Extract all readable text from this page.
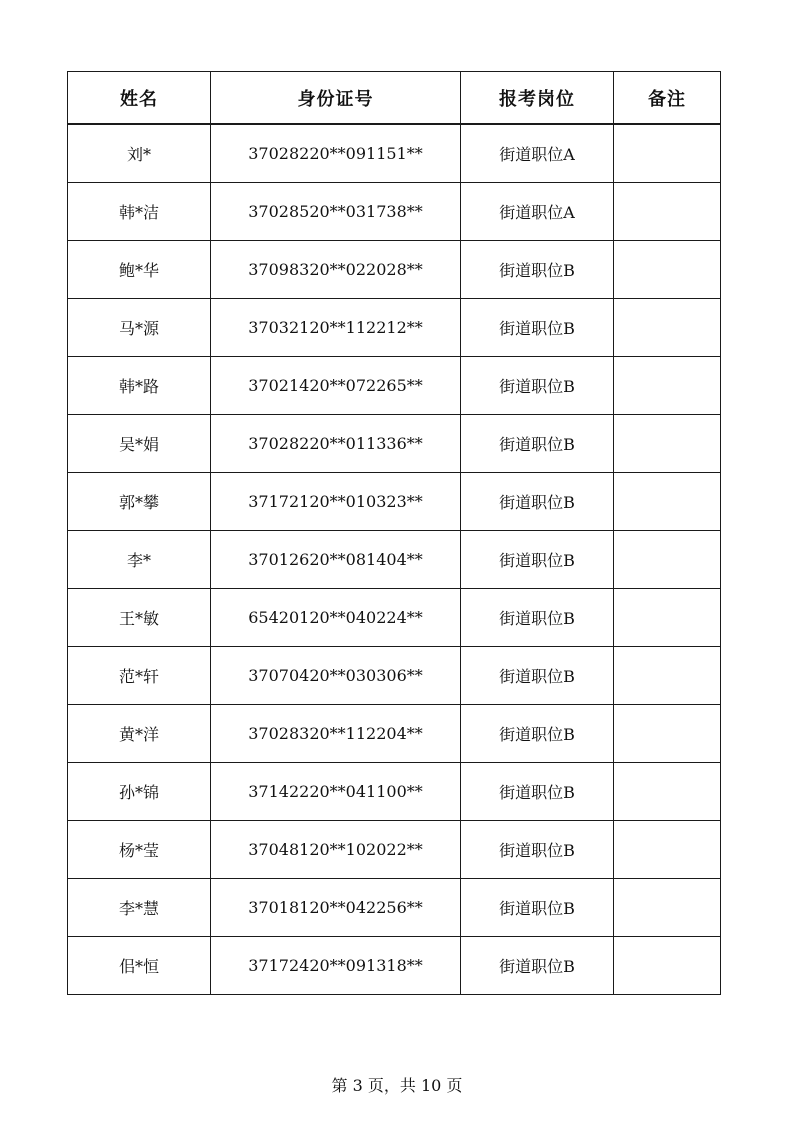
姓名	身份证号	报考岗位	备注
刘*	37028220**091151**	街道职位A	
韩*洁	37028520**031738**	街道职位A	
鲍*华	37098320**022028**	街道职位B	
马*源	37032120**112212**	街道职位B	
韩*路	37021420**072265**	街道职位B	
吴*娟	37028220**011336**	街道职位B	
郭*攀	37172120**010323**	街道职位B	
李*	37012620**081404**	街道职位B	
王*敏	65420120**040224**	街道职位B	
范*轩	37070420**030306**	街道职位B	
黄*洋	37028320**112204**	街道职位B	
孙*锦	37142220**041100**	街道职位B	
杨*莹	37048120**102022**	街道职位B	
李*慧	37018120**042256**	街道职位B	
佀*恒	37172420**091318**	街道职位B	
第 3 页，共 10 页
